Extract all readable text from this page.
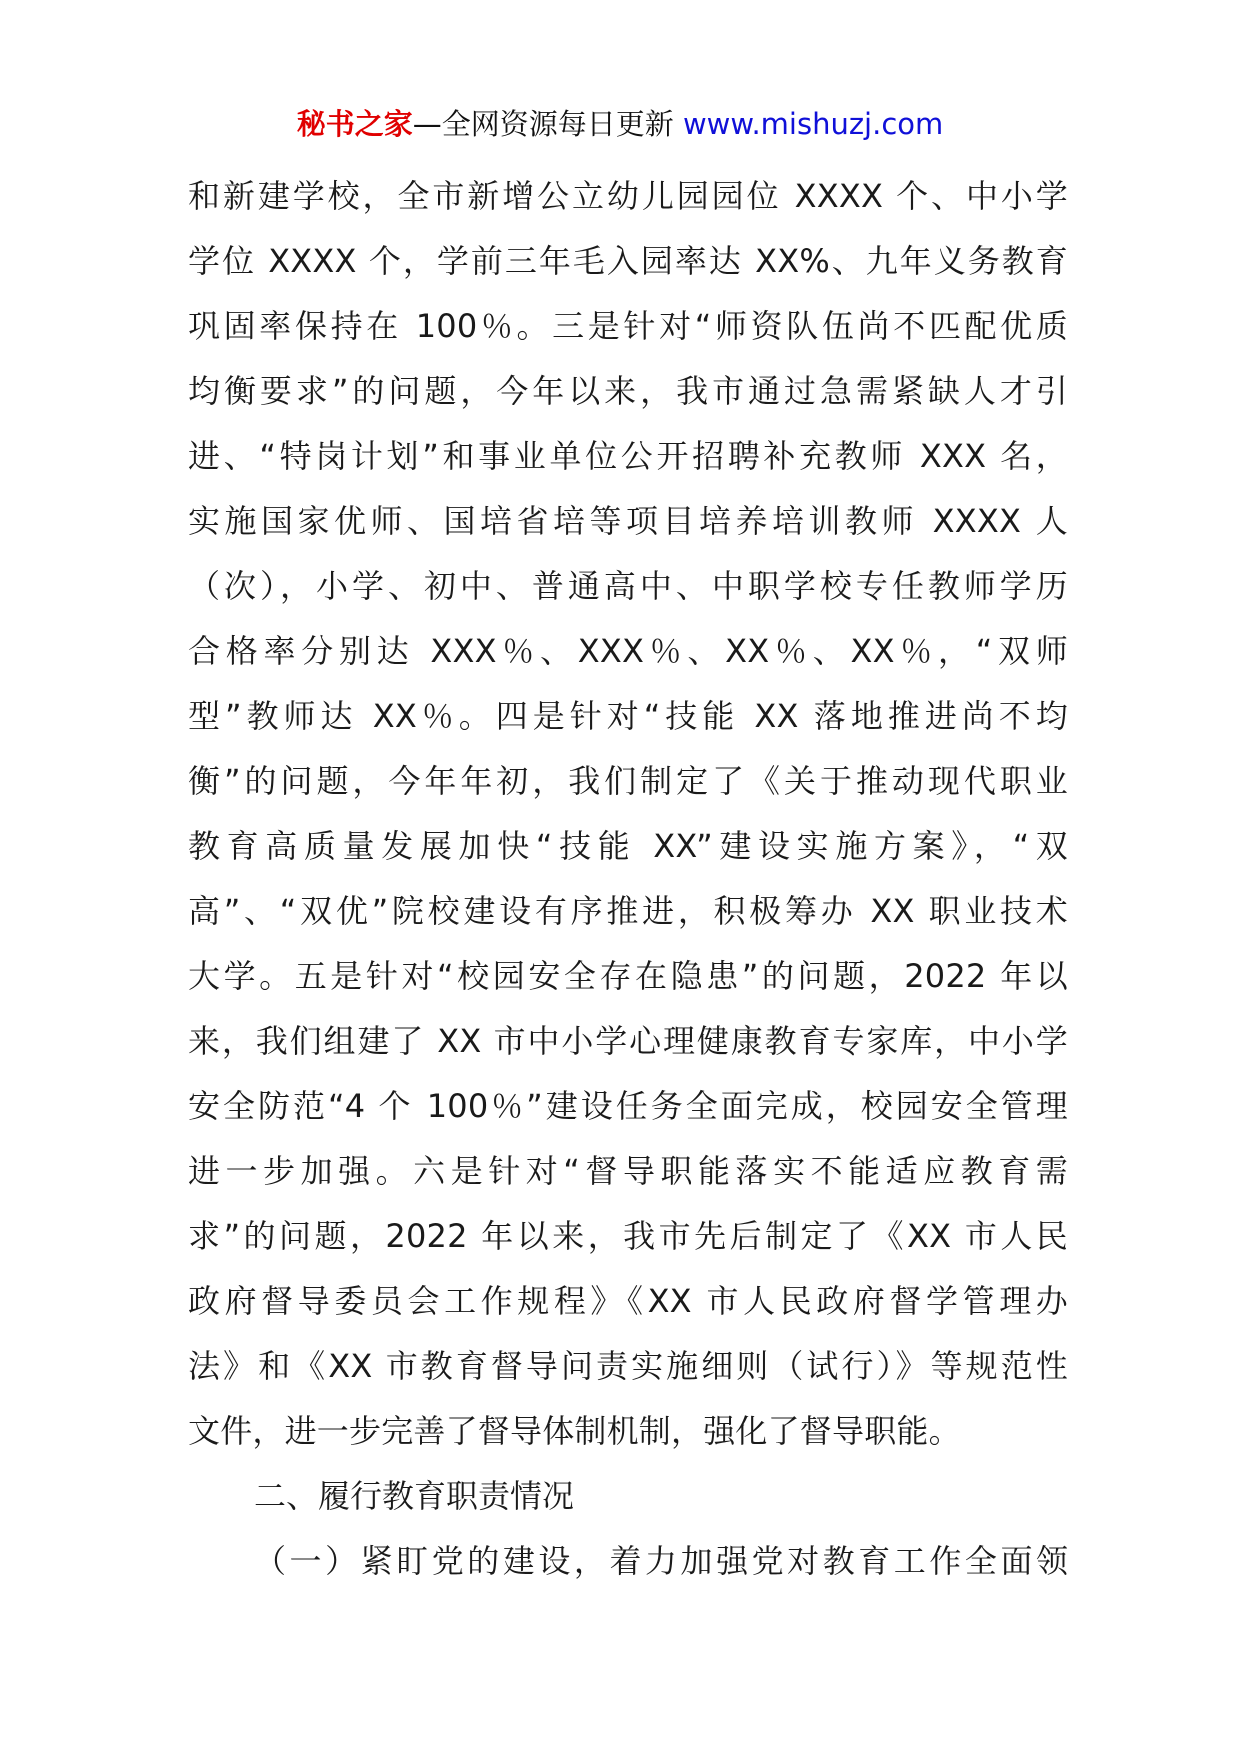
秘书之家—全网资源每日更新 www.mishuzj.com
和新建学校，全市新增公立幼儿园园位 XXXX 个、中小学
学位 XXXX 个，学前三年毛入园率达 XX%、九年义务教育
巩固率保持在 100％。三是针对“师资队伍尚不匹配优质
均衡要求”的问题，今年以来，我市通过急需紧缺人才引
进、“特岗计划”和事业单位公开招聘补充教师 XXX 名，
实施国家优师、国培省培等项目培养培训教师 XXXX 人
（次），小学、初中、普通高中、中职学校专任教师学历
合格率分别达 XXX％、XXX％、XX％、XX％，“双师
型”教师达 XX％。四是针对“技能 XX 落地推进尚不均
衡”的问题，今年年初，我们制定了《关于推动现代职业
教育高质量发展加快“技能 XX”建设实施方案》，“双
高”、“双优”院校建设有序推进，积极筹办 XX 职业技术
大学。五是针对“校园安全存在隐患”的问题，2022 年以
来，我们组建了 XX 市中小学心理健康教育专家库，中小学
安全防范“4 个 100％”建设任务全面完成，校园安全管理
进一步加强。六是针对“督导职能落实不能适应教育需
求”的问题，2022 年以来，我市先后制定了《XX 市人民
政府督导委员会工作规程》《XX 市人民政府督学管理办
法》和《XX 市教育督导问责实施细则（试行）》等规范性
文件，进一步完善了督导体制机制，强化了督导职能。
二、履行教育职责情况
（一）紧盯党的建设，着力加强党对教育工作全面领
